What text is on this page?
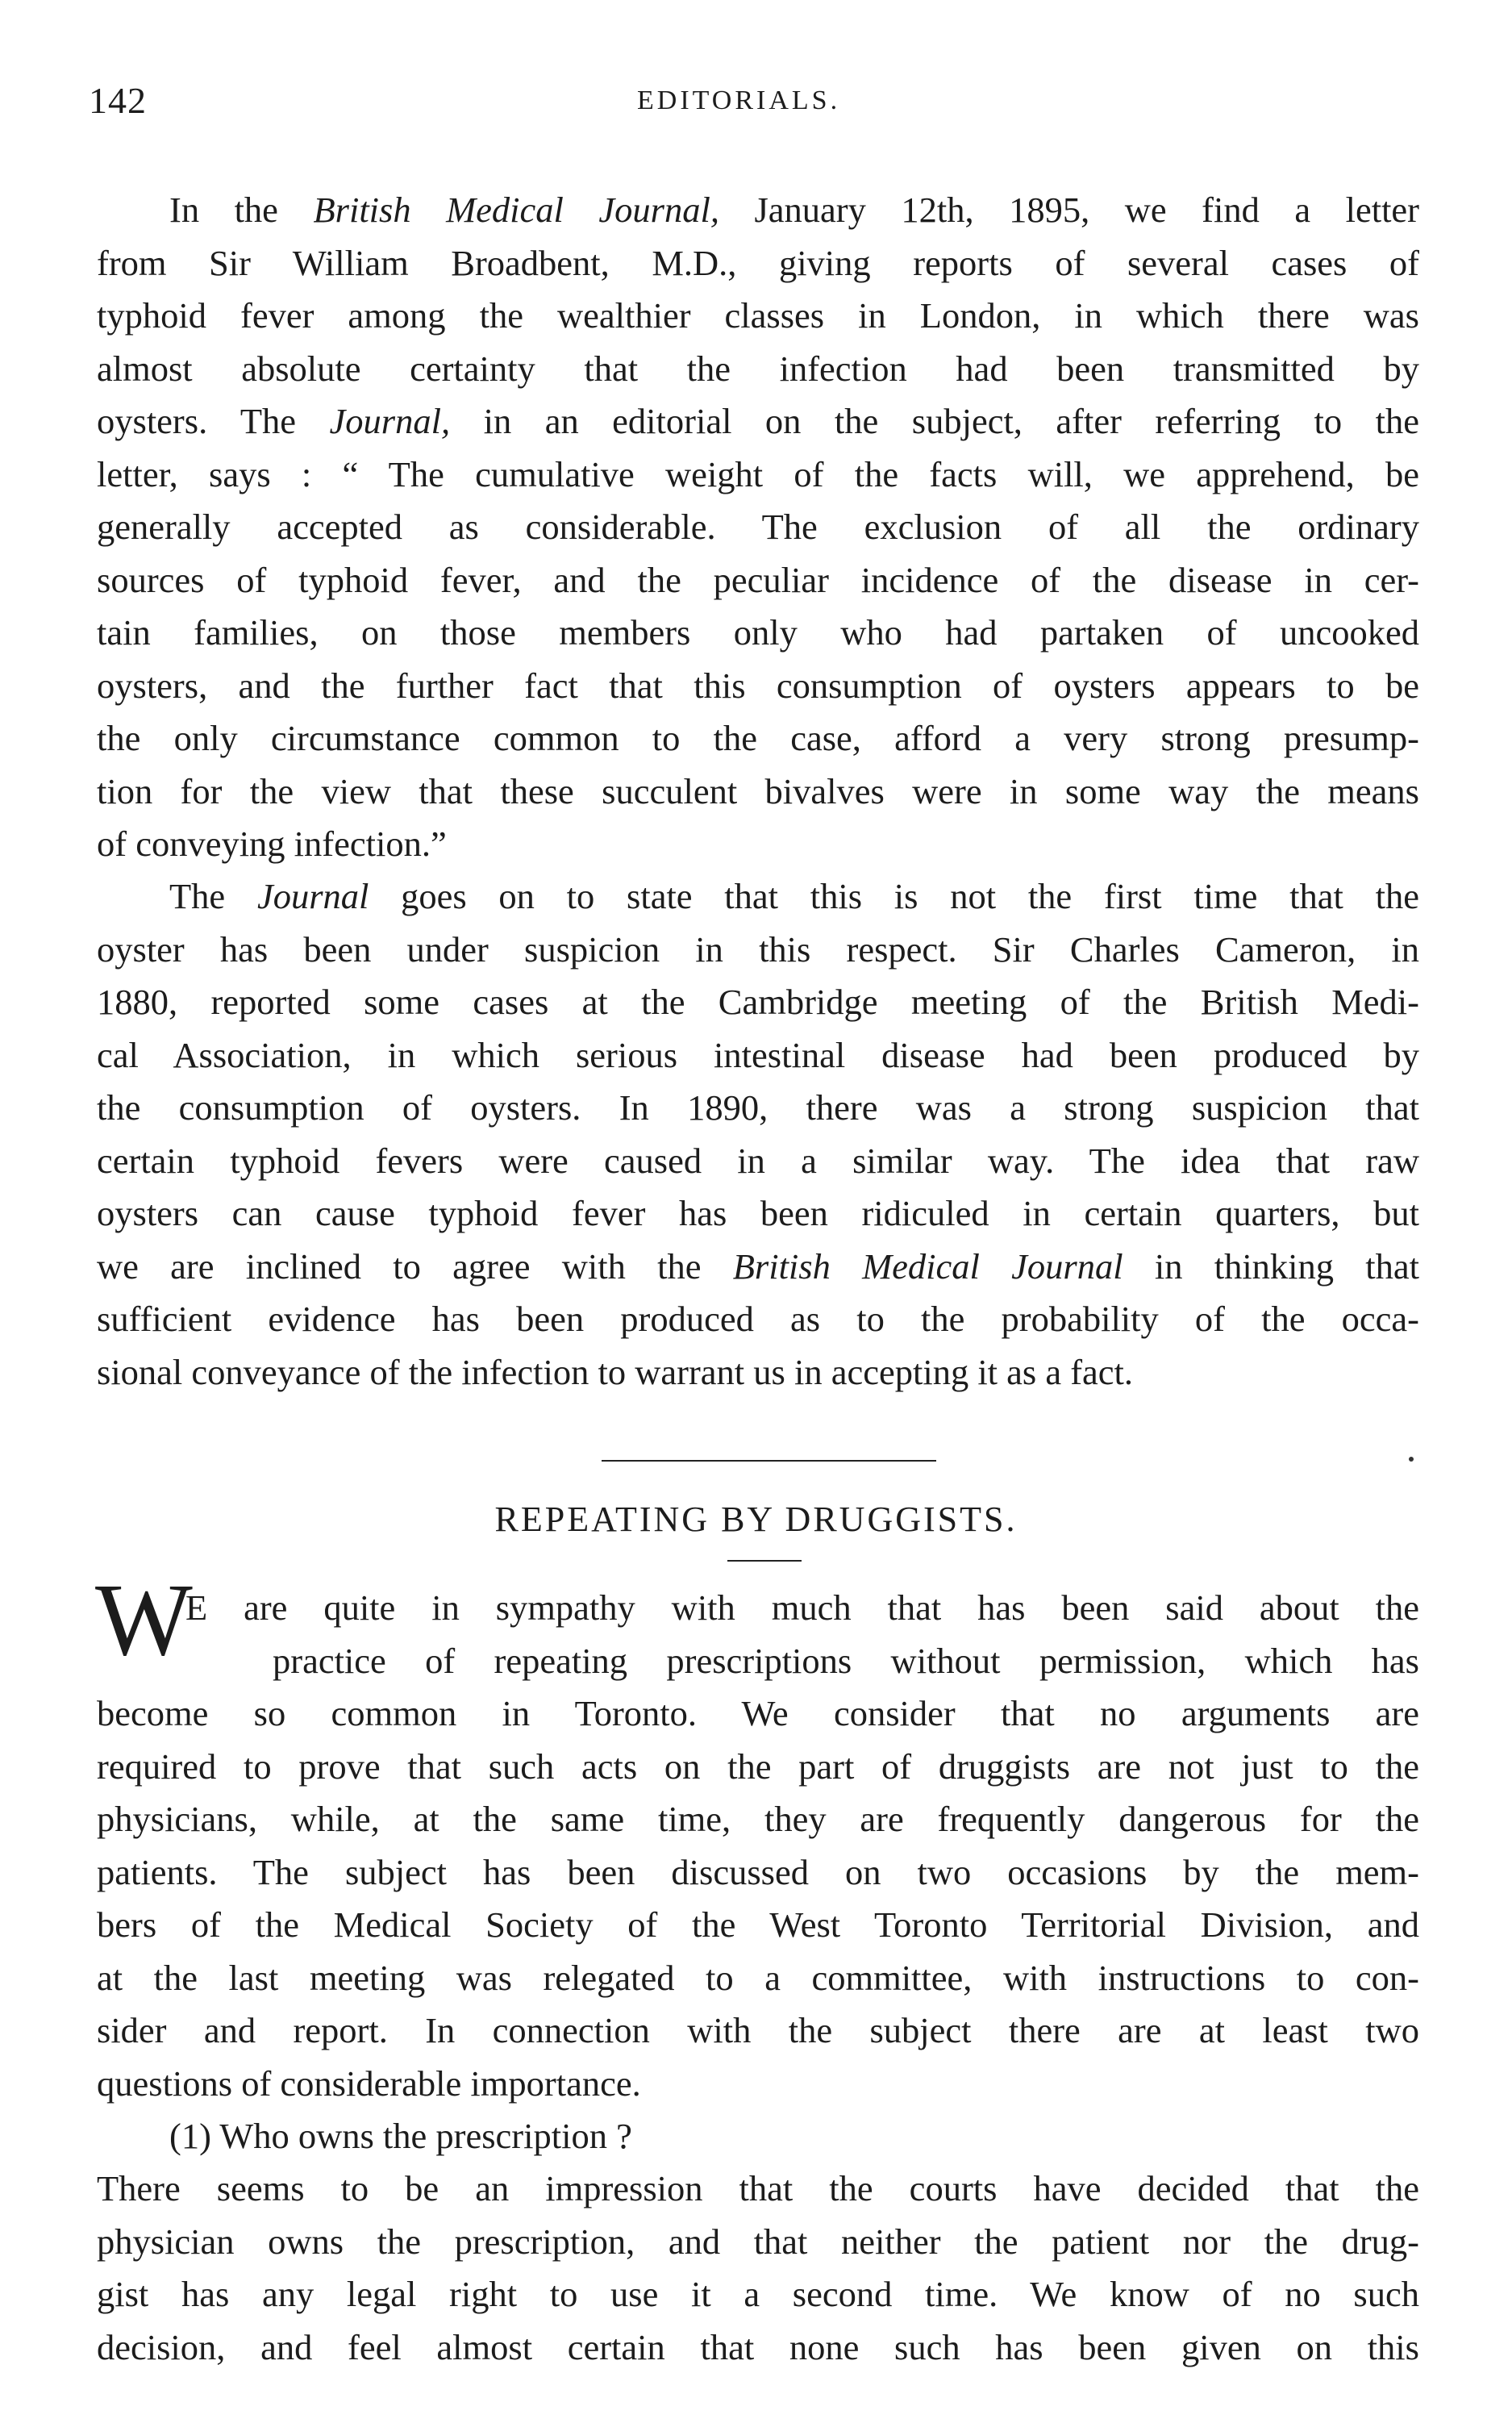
142	EDITORIALS.
In the British Medical Journal, January 12th, 1895, we find a letter
from Sir William Broadbent, M.D., giving reports of several cases of
typhoid fever among the wealthier classes in London, in which there was
almost absolute certainty that the infection had been transmitted by
oysters. The Journal, in an editorial on the subject, after referring to the
letter, says : “ The cumulative weight of the facts will, we apprehend, be
generally accepted as considerable. The exclusion of all the ordinary
sources of typhoid fever, and the peculiar incidence of the disease in cer-
tain families, on those members only who had partaken of uncooked
oysters, and the further fact that this consumption of oysters appears to be
the only circumstance common to the case, afford a very strong presump-
tion for the view that these succulent bivalves were in some way the means
of conveying infection.”
The Journal goes on to state that this is not the first time that the
oyster has been under suspicion in this respect. Sir Charles Cameron, in
1880, reported some cases at the Cambridge meeting of the British Medi-
cal Association, in which serious intestinal disease had been produced by
the consumption of oysters. In 1890, there was a strong suspicion that
certain typhoid fevers were caused in a similar way. The idea that raw
oysters can cause typhoid fever has been ridiculed in certain quarters, but
we are inclined to agree with the British Medical Journal in thinking that
sufficient evidence has been produced as to the probability of the occa-
sional conveyance of the infection to warrant us in accepting it as a fact.
REPEATING BY DRUGGISTS.
W
E are quite in sympathy with much that has been said about the
practice of repeating prescriptions without permission, which has
become so common in Toronto. We consider that no arguments are
required to prove that such acts on the part of druggists are not just to the
physicians, while, at the same time, they are frequently dangerous for the
patients. The subject has been discussed on two occasions by the mem-
bers of the Medical Society of the West Toronto Territorial Division, and
at the last meeting was relegated to a committee, with instructions to con-
sider and report. In connection with the subject there are at least two
questions of considerable importance.
(1) Who owns the prescription ?
There seems to be an impression that the courts have decided that the
physician owns the prescription, and that neither the patient nor the drug-
gist has any legal right to use it a second time. We know of no such
decision, and feel almost certain that none such has been given on this
